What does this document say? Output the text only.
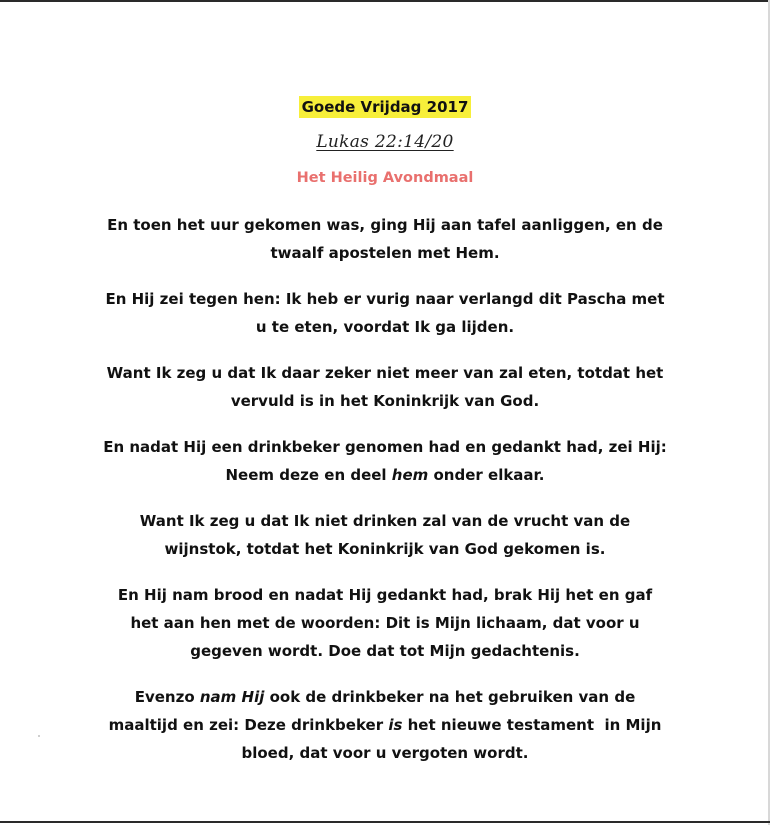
Goede Vrijdag 2017
Lukas 22:14/20
Het Heilig Avondmaal

En toen het uur gekomen was, ging Hij aan tafel aanliggen, en de
twaalf apostelen met Hem.

En Hij zei tegen hen: Ik heb er vurig naar verlangd dit Pascha met
u te eten, voordat Ik ga lijden.

Want Ik zeg u dat Ik daar zeker niet meer van zal eten, totdat het
vervuld is in het Koninkrijk van God.

En nadat Hij een drinkbeker genomen had en gedankt had, zei Hij:
Neem deze en deel hem onder elkaar.

Want Ik zeg u dat Ik niet drinken zal van de vrucht van de
wijnstok, totdat het Koninkrijk van God gekomen is.

En Hij nam brood en nadat Hij gedankt had, brak Hij het en gaf
het aan hen met de woorden: Dit is Mijn lichaam, dat voor u
gegeven wordt. Doe dat tot Mijn gedachtenis.

Evenzo nam Hij ook de drinkbeker na het gebruiken van de
maaltijd en zei: Deze drinkbeker is het nieuwe testament  in Mijn
bloed, dat voor u vergoten wordt.
